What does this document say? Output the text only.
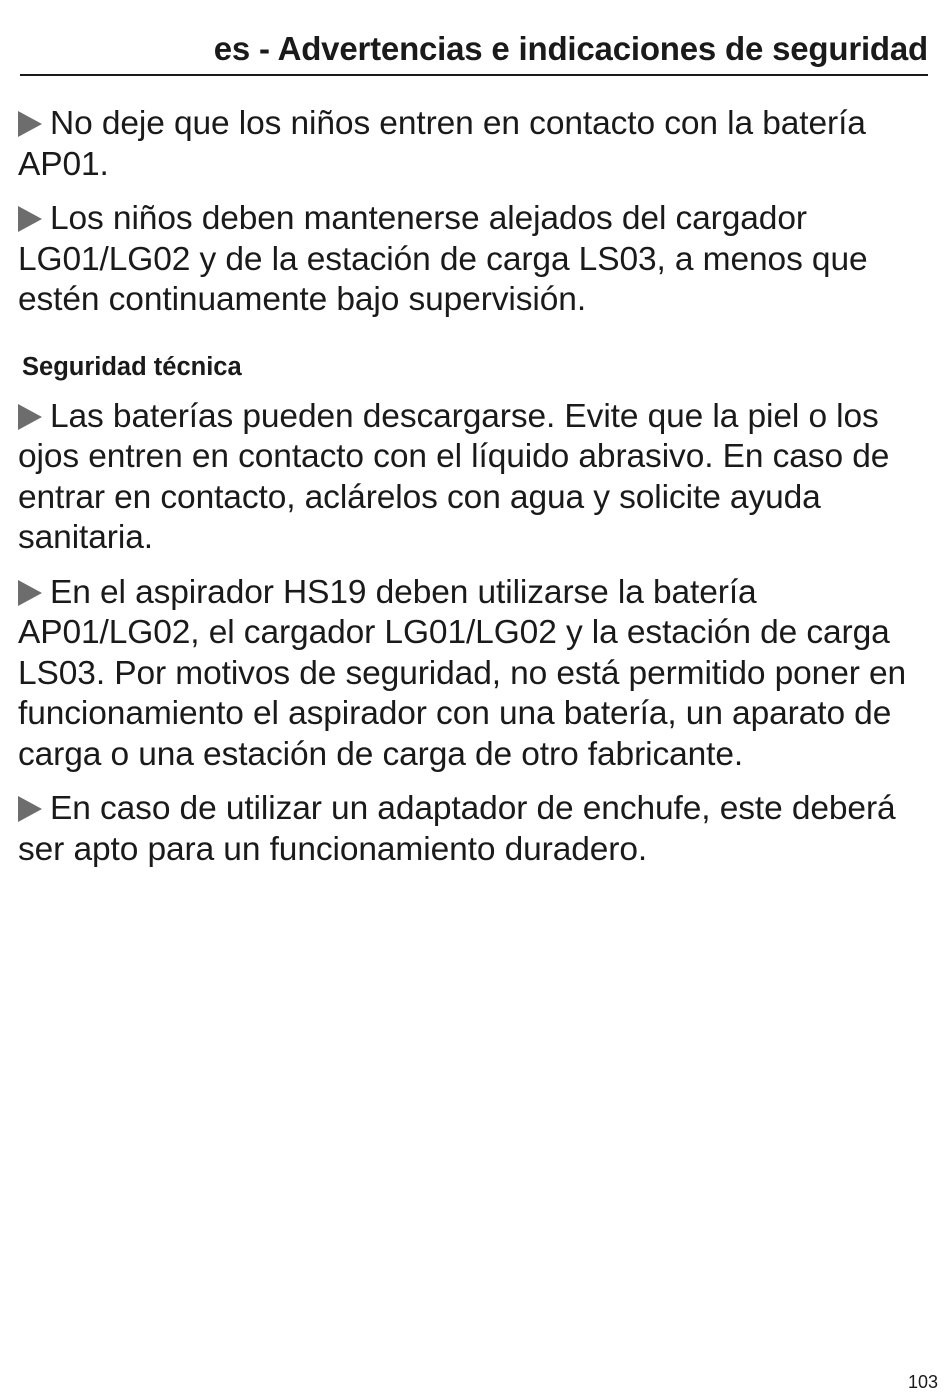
es - Advertencias e indicaciones de seguridad

No deje que los niños entren en contacto con la batería AP01.

Los niños deben mantenerse alejados del cargador LG01/LG02 y de la estación de carga LS03, a menos que estén continuamente bajo supervisión.

Seguridad técnica

Las baterías pueden descargarse. Evite que la piel o los ojos entren en contacto con el líquido abrasivo. En caso de entrar en contacto, aclárelos con agua y solicite ayuda sanitaria.

En el aspirador HS19 deben utilizarse la batería AP01/LG02, el cargador LG01/LG02 y la estación de carga LS03. Por motivos de seguridad, no está permitido poner en funcionamiento el aspirador con una batería, un aparato de carga o una estación de carga de otro fabricante.

En caso de utilizar un adaptador de enchufe, este deberá ser apto para un funcionamiento duradero.

103
